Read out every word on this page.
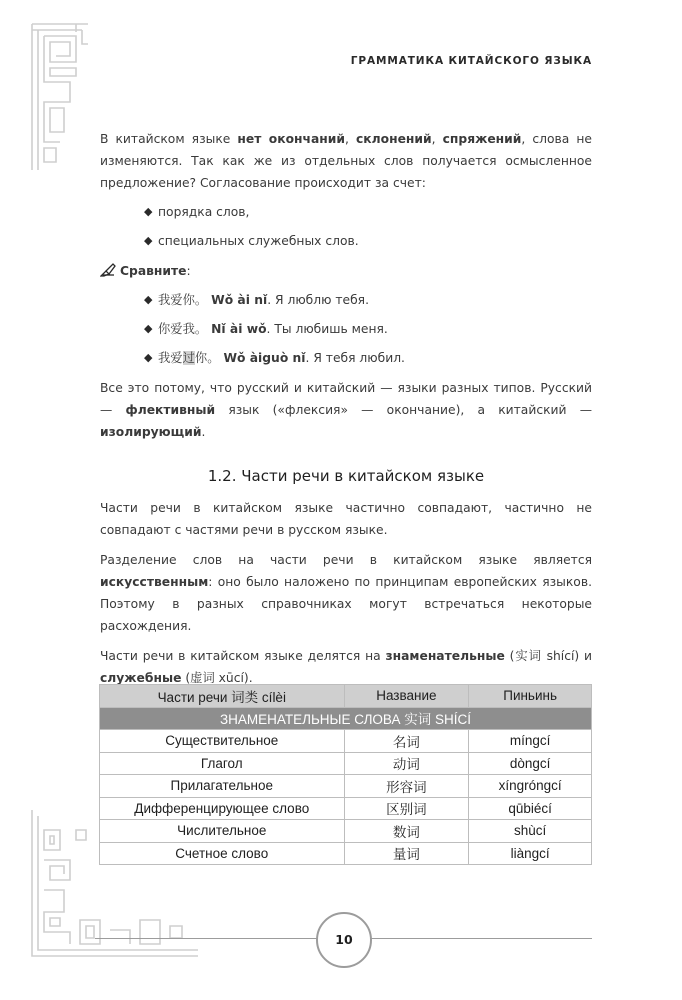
ГРАММАТИКА КИТАЙСКОГО ЯЗЫКА

В китайском языке нет окончаний, склонений, спряжений, слова не изменяются. Так как же из отдельных слов получается осмысленное предложение? Согласование происходит за счет:

◆ порядка слов,
◆ специальных служебных слов.
Сравните:
◆ 我爱你。 Wǒ ài nǐ. Я люблю тебя.
◆ 你爱我。 Nǐ ài wǒ. Ты любишь меня.
◆ 我爱过你。 Wǒ àiguò nǐ. Я тебя любил.

Все это потому, что русский и китайский — языки разных типов. Русский — флективный язык («флексия» — окончание), а китайский — изолирующий.

1.2. Части речи в китайском языке

Части речи в китайском языке частично совпадают, частично не совпадают с частями речи в русском языке.

Разделение слов на части речи в китайском языке является искусственным: оно было наложено по принципам европейских языков. Поэтому в разных справочниках могут встречаться некоторые расхождения.

Части речи в китайском языке делятся на знаменательные (实词 shící) и служебные (虚词 xūcí).

Части речи 词类 cílèi	Название	Пиньинь
ЗНАМЕНАТЕЛЬНЫЕ СЛОВА 实词 SHÍCÍ		
Существительное	名词	míngcí
Глагол	动词	dòngcí
Прилагательное	形容词	xíngróngcí
Дифференцирующее слово	区别词	qūbiécí
Числительное	数词	shùcí
Счетное слово	量词	liàngcí
10
